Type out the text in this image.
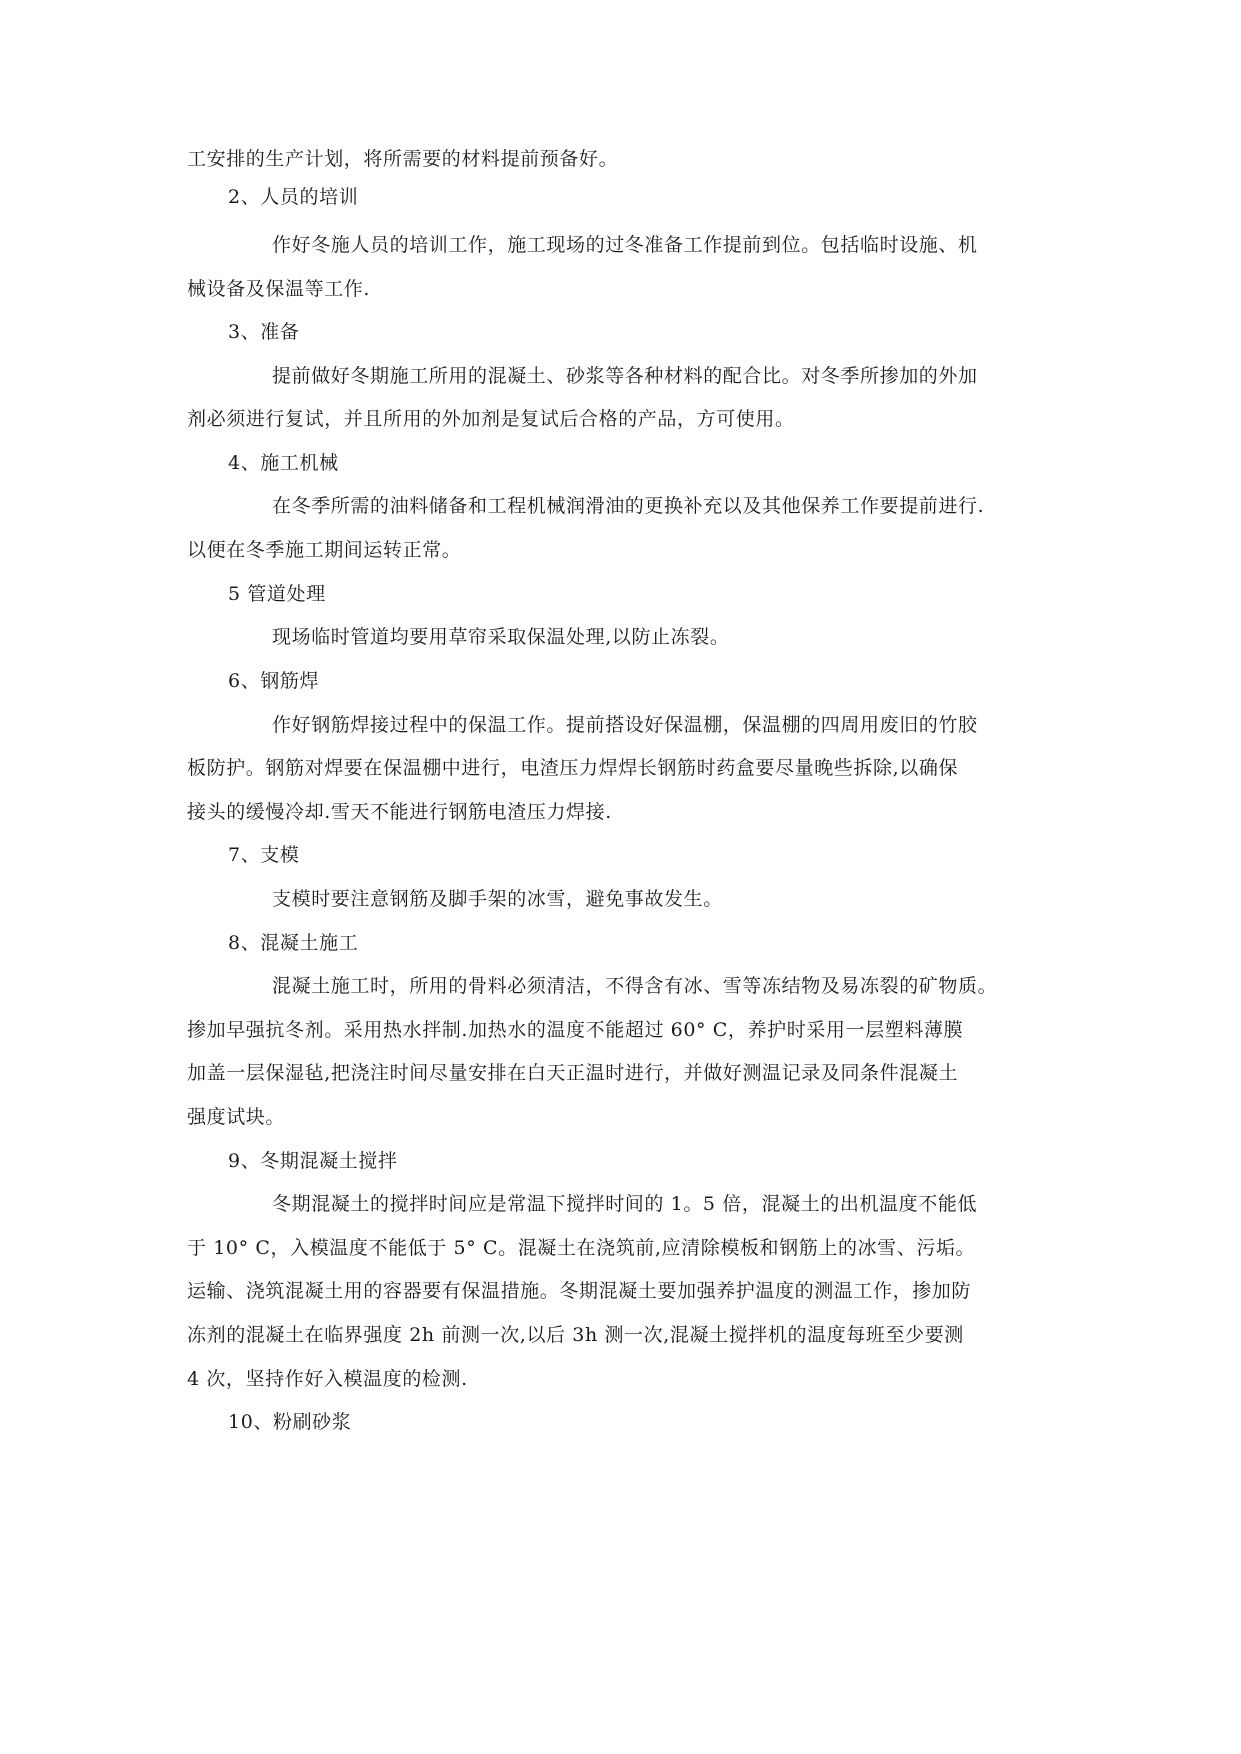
工安排的生产计划，将所需要的材料提前预备好。
2、人员的培训
作好冬施人员的培训工作，施工现场的过冬准备工作提前到位。包括临时设施、机
械设备及保温等工作.
3、准备
提前做好冬期施工所用的混凝土、砂浆等各种材料的配合比。对冬季所掺加的外加
剂必须进行复试，并且所用的外加剂是复试后合格的产品，方可使用。
4、施工机械
在冬季所需的油料储备和工程机械润滑油的更换补充以及其他保养工作要提前进行.
以便在冬季施工期间运转正常。
5 管道处理
现场临时管道均要用草帘采取保温处理,以防止冻裂。
6、钢筋焊
作好钢筋焊接过程中的保温工作。提前搭设好保温棚，保温棚的四周用废旧的竹胶
板防护。钢筋对焊要在保温棚中进行，电渣压力焊焊长钢筋时药盒要尽量晚些拆除,以确保
接头的缓慢冷却.雪天不能进行钢筋电渣压力焊接.
7、支模
支模时要注意钢筋及脚手架的冰雪，避免事故发生。
8、混凝土施工
混凝土施工时，所用的骨料必须清洁，不得含有冰、雪等冻结物及易冻裂的矿物质。
掺加早强抗冬剂。采用热水拌制.加热水的温度不能超过 60° C，养护时采用一层塑料薄膜
加盖一层保湿毡,把浇注时间尽量安排在白天正温时进行，并做好测温记录及同条件混凝土
强度试块。
9、冬期混凝土搅拌
冬期混凝土的搅拌时间应是常温下搅拌时间的 1。5 倍，混凝土的出机温度不能低
于 10° C，入模温度不能低于 5° C。混凝土在浇筑前,应清除模板和钢筋上的冰雪、污垢。
运输、浇筑混凝土用的容器要有保温措施。冬期混凝土要加强养护温度的测温工作，掺加防
冻剂的混凝土在临界强度 2h 前测一次,以后 3h 测一次,混凝土搅拌机的温度每班至少要测
4 次，坚持作好入模温度的检测.
10、粉刷砂浆
